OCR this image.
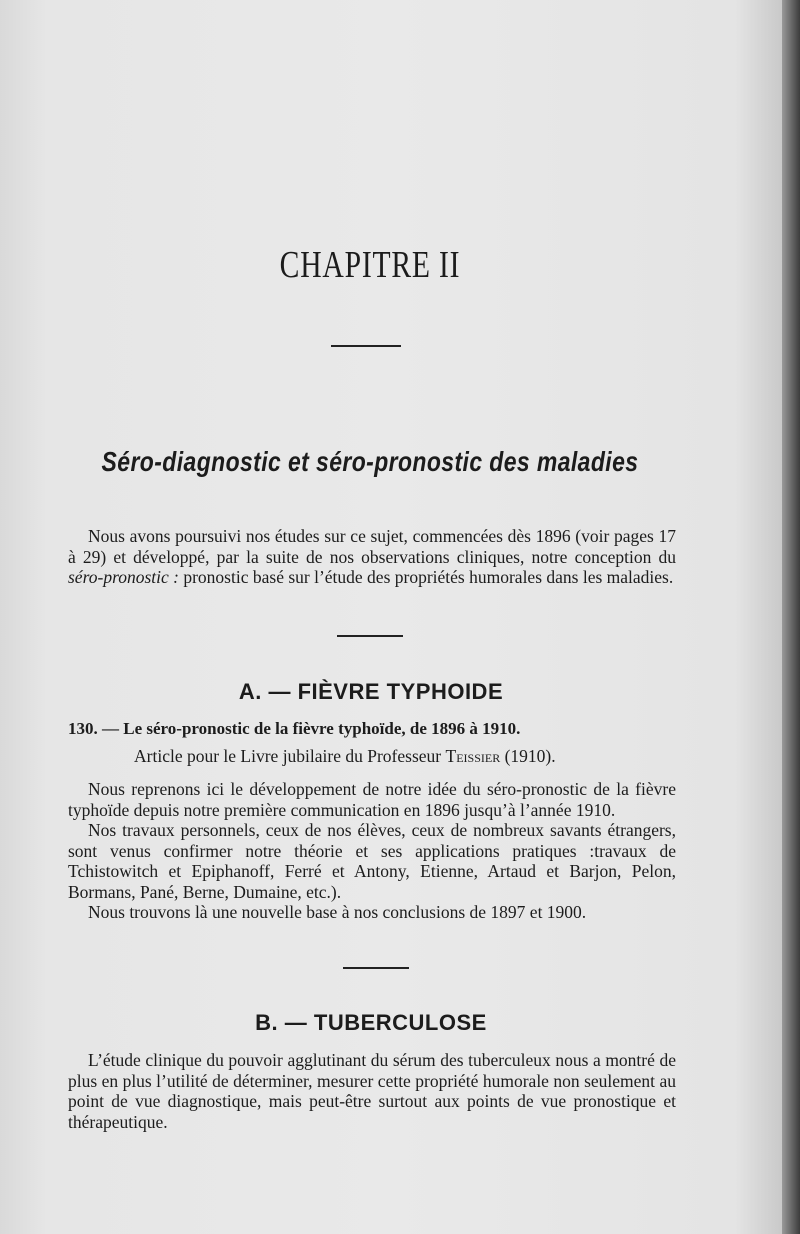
CHAPITRE II
Séro-diagnostic et séro-pronostic des maladies

Nous avons poursuivi nos études sur ce sujet, commencées dès 1896 (voir pages 17 à 29) et développé, par la suite de nos observations cliniques, notre conception du séro-pronostic : pronostic basé sur l’étude des propriétés humorales dans les maladies.

A. — FIÈVRE TYPHOIDE
130. — Le séro-pronostic de la fièvre typhoïde, de 1896 à 1910.
Article pour le Livre jubilaire du Professeur Teissier (1910).

Nous reprenons ici le développement de notre idée du séro-pronostic de la fièvre typhoïde depuis notre première communication en 1896 jusqu’à l’année 1910.

Nos travaux personnels, ceux de nos élèves, ceux de nombreux savants étrangers, sont venus confirmer notre théorie et ses applications pratiques :travaux de Tchistowitch et Epiphanoff, Ferré et Antony, Etienne, Artaud et Barjon, Pelon, Bormans, Pané, Berne, Dumaine, etc.).

Nous trouvons là une nouvelle base à nos conclusions de 1897 et 1900.

B. — TUBERCULOSE

L’étude clinique du pouvoir agglutinant du sérum des tuberculeux nous a montré de plus en plus l’utilité de déterminer, mesurer cette propriété humorale non seulement au point de vue diagnostique, mais peut-être surtout aux points de vue pronostique et thérapeutique.
